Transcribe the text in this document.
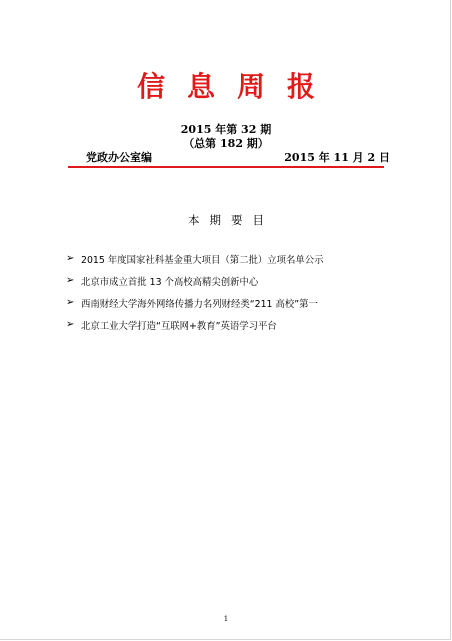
信息周报
2015 年第 32 期
（总第 182 期）
党政办公室编	2015 年 11 月 2 日
本期要目
➢ 2015 年度国家社科基金重大项目（第二批）立项名单公示
➢ 北京市成立首批 13 个高校高精尖创新中心
➢ 西南财经大学海外网络传播力名列财经类“211 高校”第一
➢ 北京工业大学打造“互联网+教育”英语学习平台
1
